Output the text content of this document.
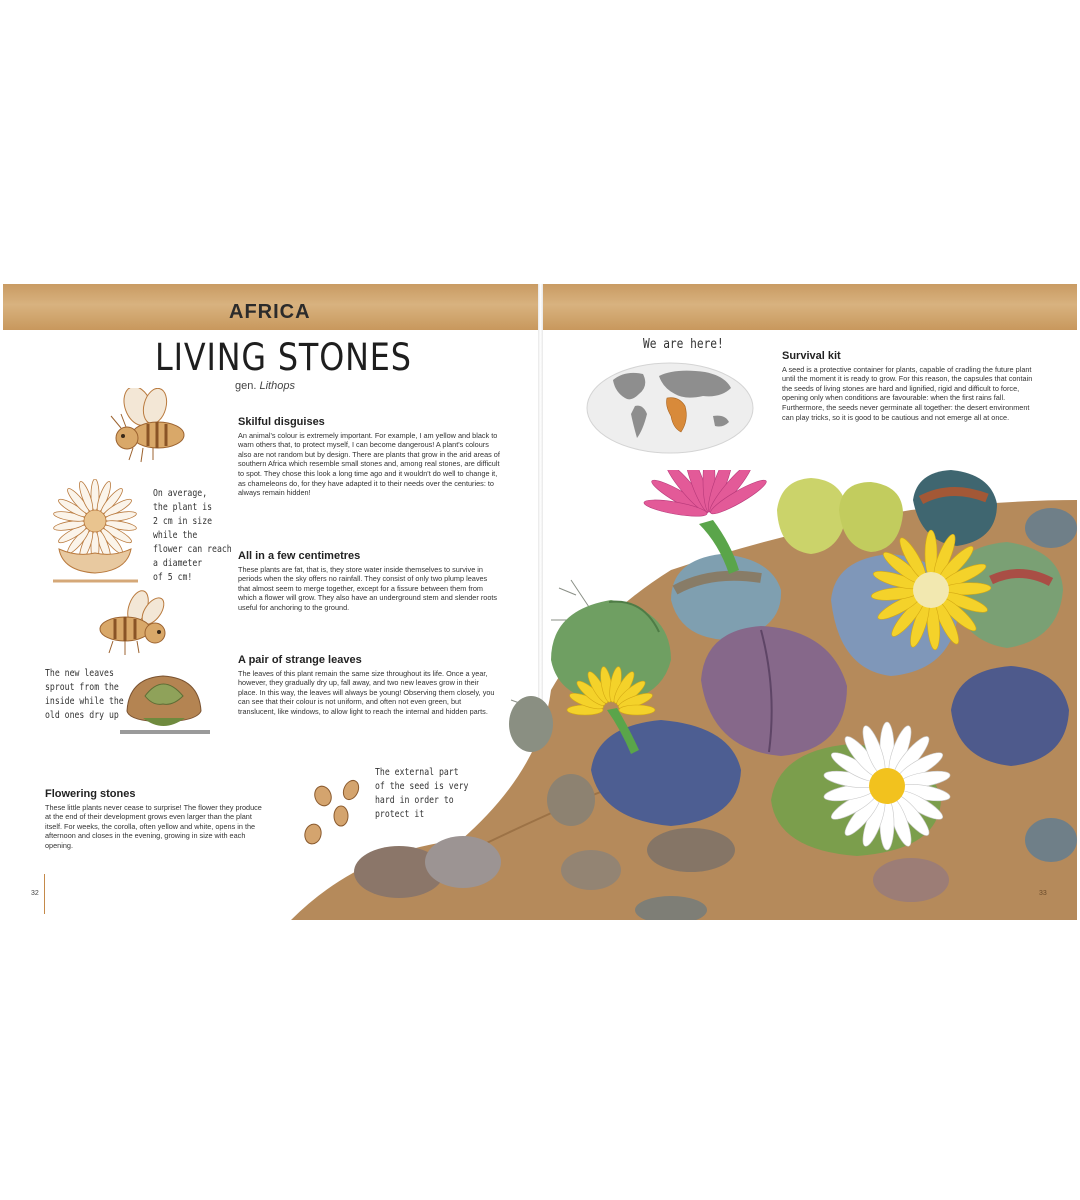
AFRICA
LIVING STONES
gen. Lithops
On average,
the plant is
2 cm in size
while the
flower can reach
a diameter
of 5 cm!
The new leaves
sprout from the
inside while the
old ones dry up
The external part
of the seed is very
hard in order to
protect it
Skilful disguises

An animal's colour is extremely important. For example, I am yellow and black to warn others that, to protect myself, I can become dangerous! A plant's colours also are not random but by design. There are plants that grow in the arid areas of southern Africa which resemble small stones and, among real stones, are difficult to spot. They chose this look a long time ago and it wouldn't do well to change it, as chameleons do, for they have adapted it to their needs over the centuries: to always remain hidden!

All in a few centimetres

These plants are fat, that is, they store water inside themselves to survive in periods when the sky offers no rainfall. They consist of only two plump leaves that almost seem to merge together, except for a fissure between them from which a flower will grow. They also have an underground stem and slender roots useful for anchoring to the ground.

A pair of strange leaves

The leaves of this plant remain the same size throughout its life. Once a year, however, they gradually dry up, fall away, and two new leaves grow in their place. In this way, the leaves will always be young! Observing them closely, you can see that their colour is not uniform, and often not even green, but translucent, like windows, to allow light to reach the internal and hidden parts.

Flowering stones

These little plants never cease to surprise! The flower they produce at the end of their development grows even larger than the plant itself. For weeks, the corolla, often yellow and white, opens in the afternoon and closes in the evening, growing in size with each opening.

We are here!
Survival kit

A seed is a protective container for plants, capable of cradling the future plant until the moment it is ready to grow. For this reason, the capsules that contain the seeds of living stones are hard and lignified, rigid and difficult to force, opening only when conditions are favourable: when the first rains fall. Furthermore, the seeds never germinate all together: the desert environment can play tricks, so it is good to be cautious and not emerge all at once.

32	33
